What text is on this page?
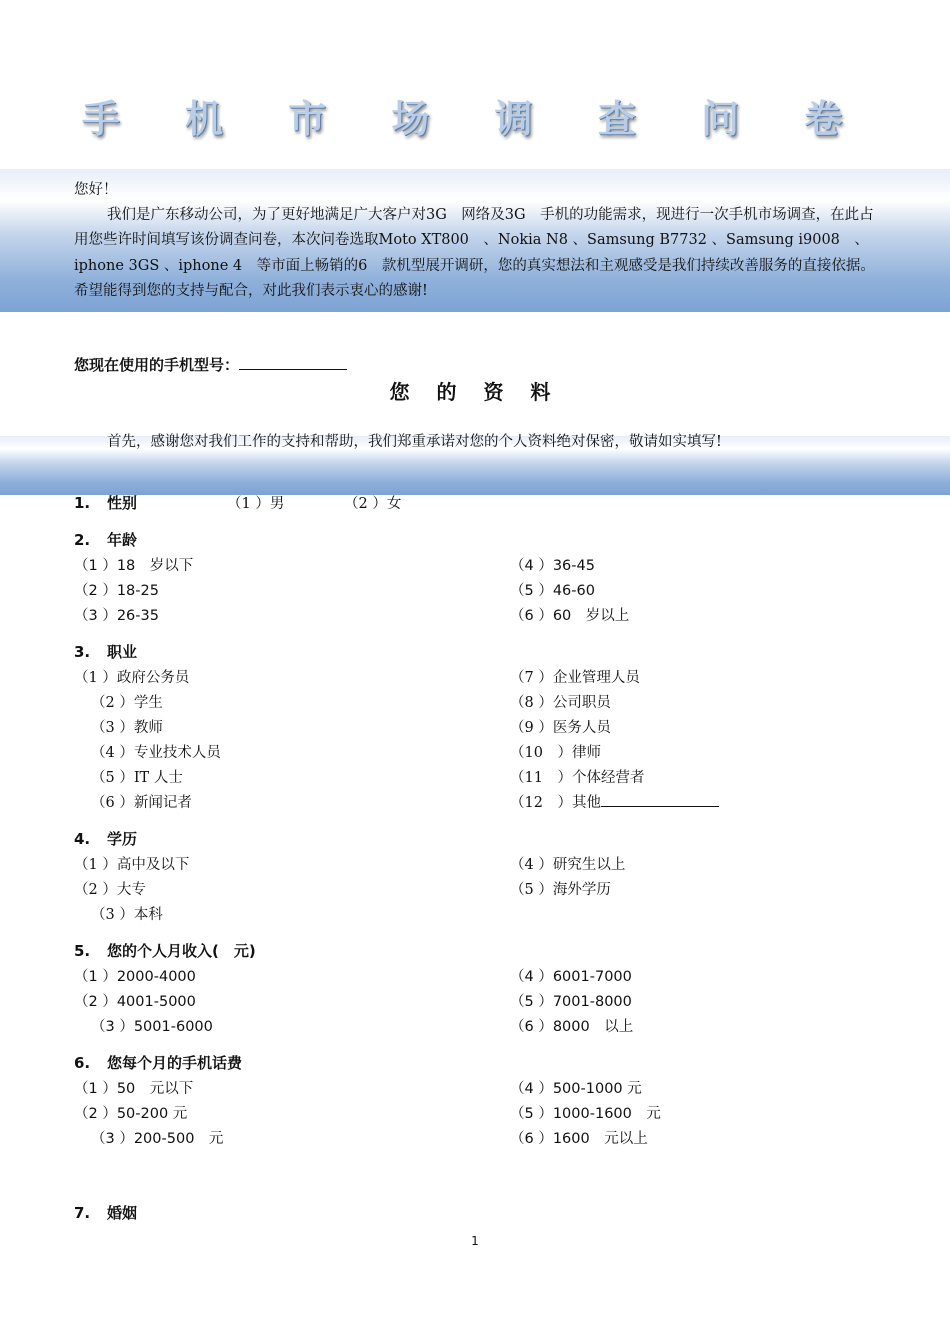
手 机 市 场 调 查 问 卷

您好！

我们是广东移动公司，为了更好地满足广大客户对3G　网络及3G　手机的功能需求，现进行一次手机市场调查，在此占用您些许时间填写该份调查问卷，本次问卷选取Moto XT800　、Nokia N8 、Samsung B7732 、Samsung i9008　、iphone 3GS 、iphone 4　等市面上畅销的6　款机型展开调研，您的真实想法和主观感受是我们持续改善服务的直接依据。希望能得到您的支持与配合，对此我们表示衷心的感谢!

您现在使用的手机型号：
您 的 资 料
首先，感谢您对我们工作的支持和帮助，我们郑重承诺对您的个人资料绝对保密，敬请如实填写!
1. 性别	（1 ）男	（2 ）女
2. 年龄
（1 ）18　岁以下
（2 ）18-25
（3 ）26-35
（4 ）36-45
（5 ）46-60
（6 ）60　岁以上
3. 职业
（1 ）政府公务员
（2 ）学生
（3 ）教师
（4 ）专业技术人员
（5 ）IT 人士
（6 ）新闻记者
（7 ）企业管理人员
（8 ）公司职员
（9 ）医务人员
（10　）律师
（11　）个体经营者
（12　）其他
4. 学历
（1 ）高中及以下
（2 ）大专
（3 ）本科
（4 ）研究生以上
（5 ）海外学历
5. 您的个人月收入(　元)
（1 ）2000-4000
（2 ）4001-5000
（3 ）5001-6000
（4 ）6001-7000
（5 ）7001-8000
（6 ）8000　以上
6. 您每个月的手机话费
（1 ）50　元以下
（2 ）50-200 元
（3 ）200-500　元
（4 ）500-1000 元
（5 ）1000-1600　元
（6 ）1600　元以上
7. 婚姻
1
